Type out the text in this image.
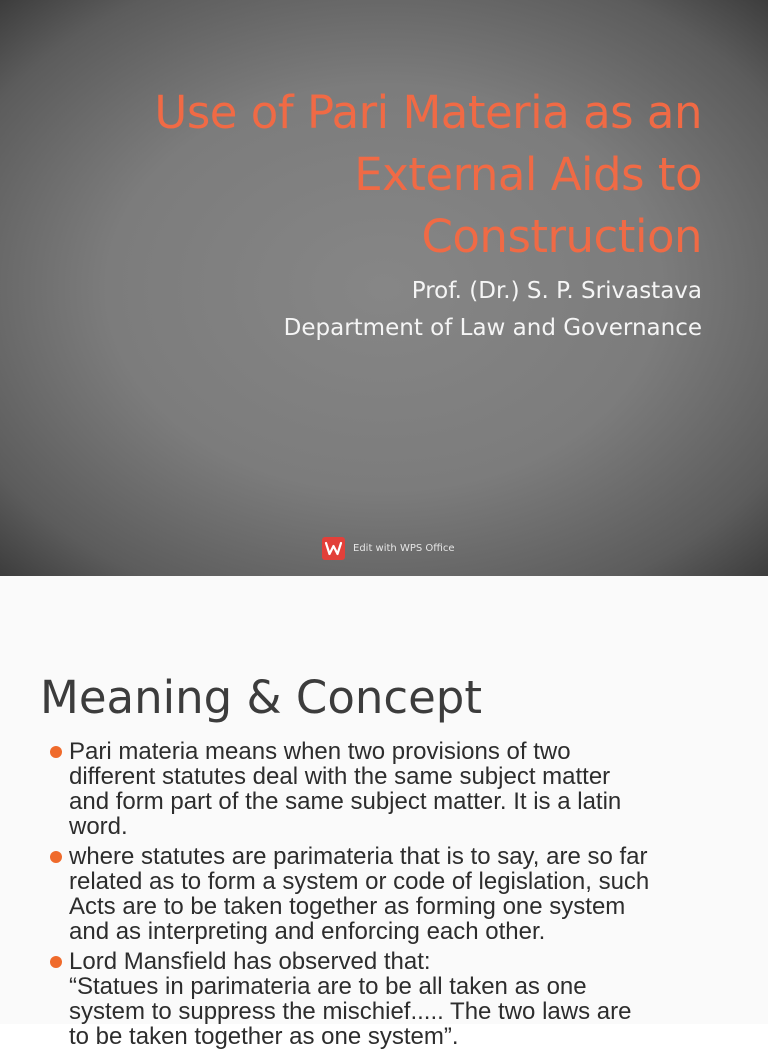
Use of Pari Materia as an
External Aids to
Construction

Prof. (Dr.) S. P. Srivastava

Department of Law and Governance

Edit with WPS Office
Meaning & Concept
Pari materia means when two provisions of two
different statutes deal with the same subject matter
and form part of the same subject matter. It is a latin
word.
where statutes are parimateria that is to say, are so far
related as to form a system or code of legislation, such
Acts are to be taken together as forming one system
and as interpreting and enforcing each other.
Lord Mansfield has observed that:
“Statues in parimateria are to be all taken as one
system to suppress the mischief..... The two laws are
to be taken together as one system”.
